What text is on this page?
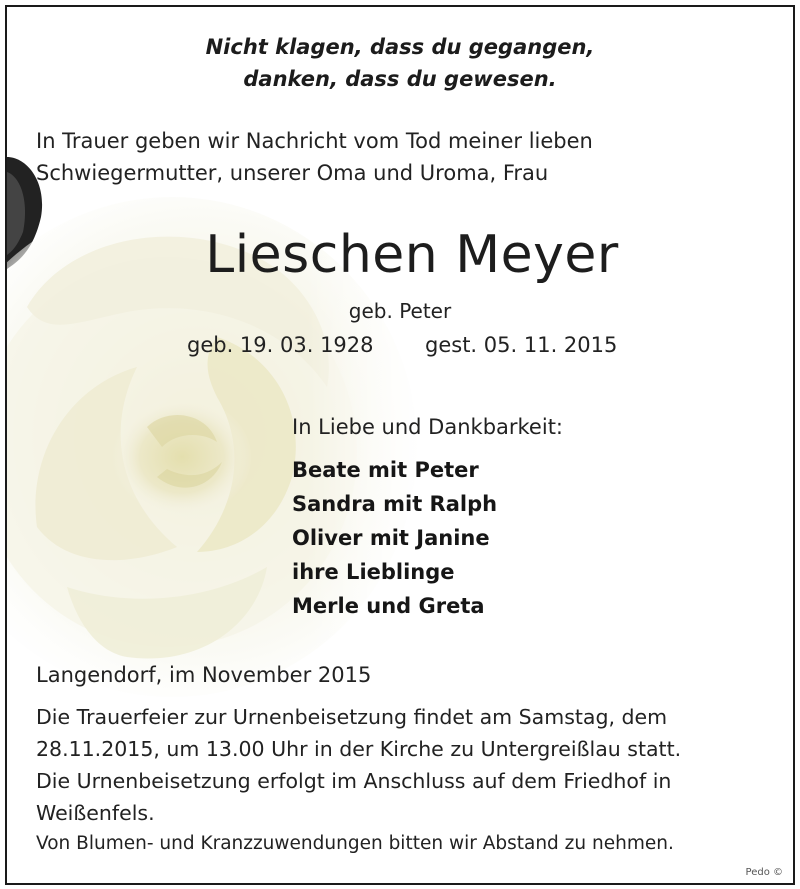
Nicht klagen, dass du gegangen,
danken, dass du gewesen.
In Trauer geben wir Nachricht vom Tod meiner lieben
Schwiegermutter, unserer Oma und Uroma, Frau
Lieschen Meyer
geb. Peter
geb. 19. 03. 1928 gest. 05. 11. 2015
In Liebe und Dankbarkeit:
Beate mit Peter
Sandra mit Ralph
Oliver mit Janine
ihre Lieblinge
Merle und Greta
Langendorf, im November 2015
Die Trauerfeier zur Urnenbeisetzung findet am Samstag, dem
28.11.2015, um 13.00 Uhr in der Kirche zu Untergreißlau statt.
Die Urnenbeisetzung erfolgt im Anschluss auf dem Friedhof in
Weißenfels.
Von Blumen- und Kranzzuwendungen bitten wir Abstand zu nehmen.
Pedo ©
